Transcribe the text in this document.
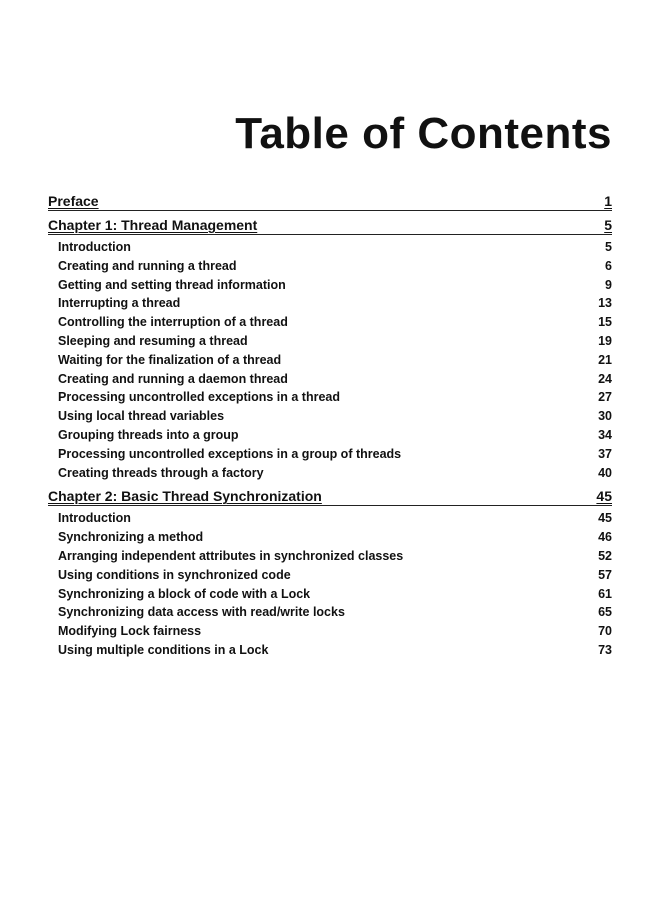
Table of Contents
Preface	1
Chapter 1: Thread Management	5
Introduction	5
Creating and running a thread	6
Getting and setting thread information	9
Interrupting a thread	13
Controlling the interruption of a thread	15
Sleeping and resuming a thread	19
Waiting for the finalization of a thread	21
Creating and running a daemon thread	24
Processing uncontrolled exceptions in a thread	27
Using local thread variables	30
Grouping threads into a group	34
Processing uncontrolled exceptions in a group of threads	37
Creating threads through a factory	40
Chapter 2: Basic Thread Synchronization	45
Introduction	45
Synchronizing a method	46
Arranging independent attributes in synchronized classes	52
Using conditions in synchronized code	57
Synchronizing a block of code with a Lock	61
Synchronizing data access with read/write locks	65
Modifying Lock fairness	70
Using multiple conditions in a Lock	73
